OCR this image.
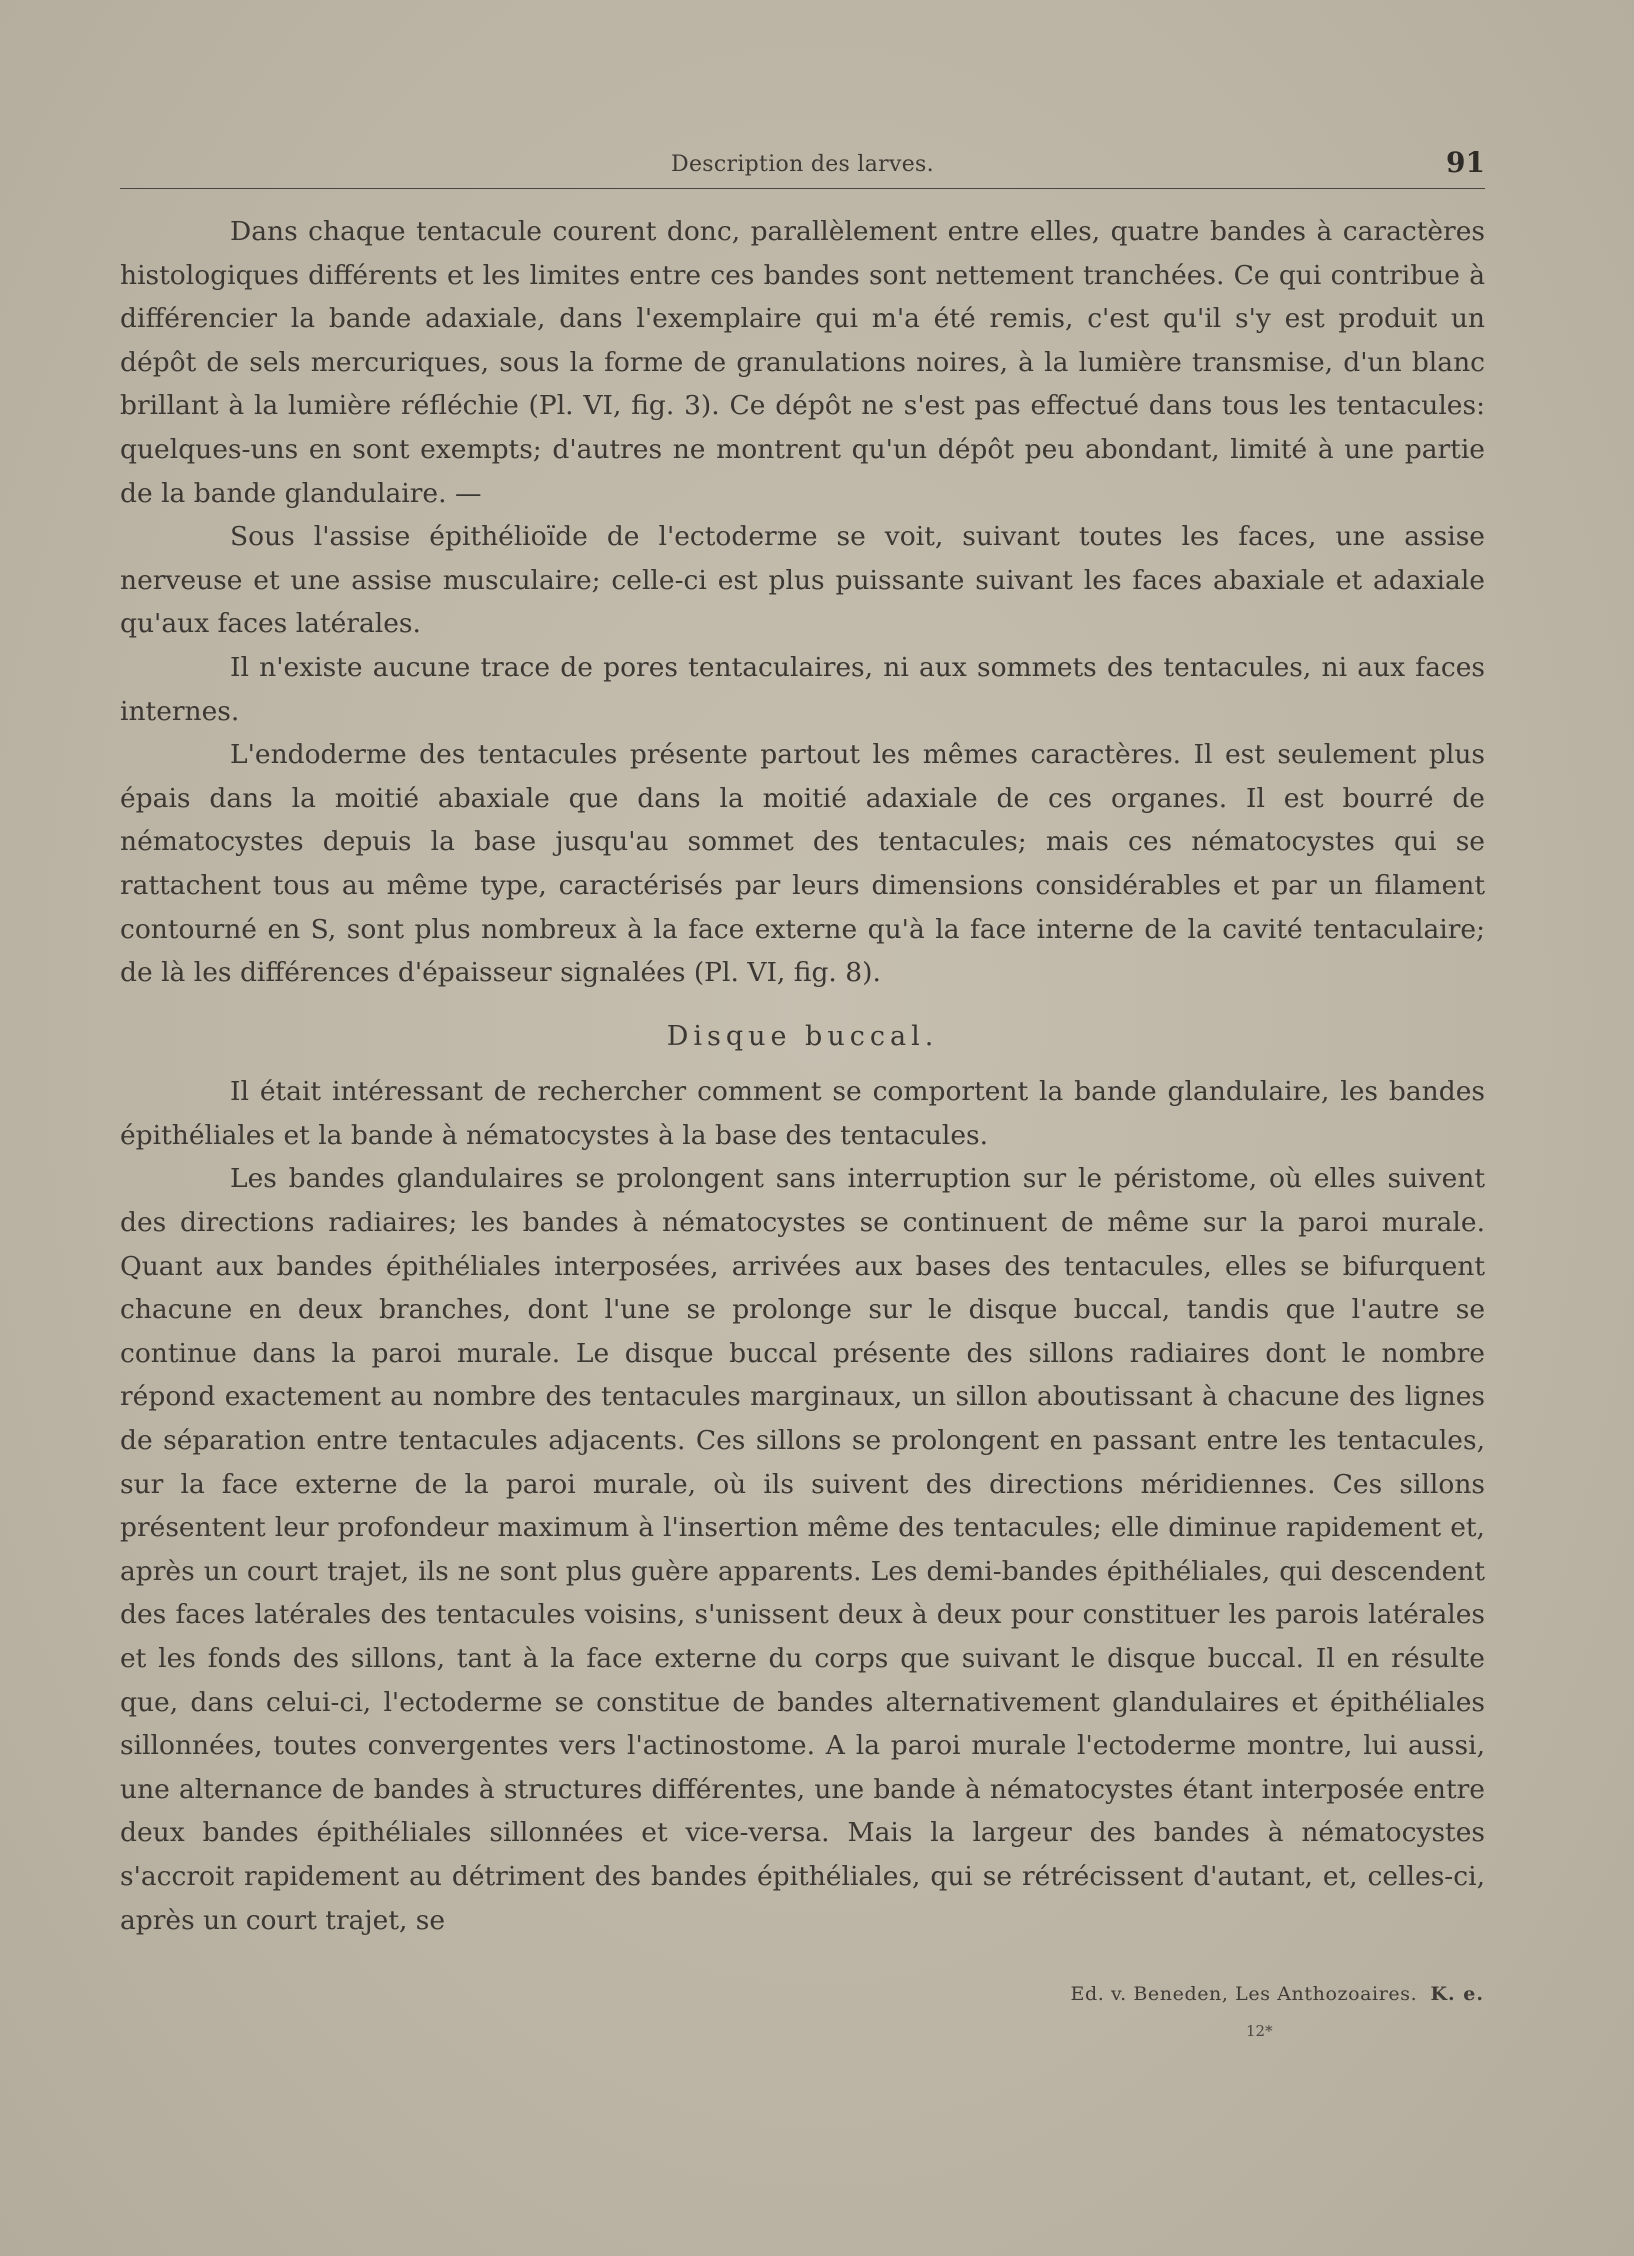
Description des larves.	91

Dans chaque tentacule courent donc, parallèlement entre elles, quatre bandes à caractères histologiques différents et les limites entre ces bandes sont nettement tranchées. Ce qui contribue à différencier la bande adaxiale, dans l'exemplaire qui m'a été remis, c'est qu'il s'y est produit un dépôt de sels mercuriques, sous la forme de granulations noires, à la lumière transmise, d'un blanc brillant à la lumière réfléchie (Pl. VI, fig. 3). Ce dépôt ne s'est pas effectué dans tous les tentacules: quelques-uns en sont exempts; d'autres ne montrent qu'un dépôt peu abondant, limité à une partie de la bande glandulaire. —

Sous l'assise épithélioïde de l'ectoderme se voit, suivant toutes les faces, une assise nerveuse et une assise musculaire; celle-ci est plus puissante suivant les faces abaxiale et adaxiale qu'aux faces latérales.

Il n'existe aucune trace de pores tentaculaires, ni aux sommets des tentacules, ni aux faces internes.

L'endoderme des tentacules présente partout les mêmes caractères. Il est seulement plus épais dans la moitié abaxiale que dans la moitié adaxiale de ces organes. Il est bourré de nématocystes depuis la base jusqu'au sommet des tentacules; mais ces nématocystes qui se rattachent tous au même type, caractérisés par leurs dimensions considérables et par un filament contourné en S, sont plus nombreux à la face externe qu'à la face interne de la cavité tentaculaire; de là les différences d'épaisseur signalées (Pl. VI, fig. 8).

Disque buccal.

Il était intéressant de rechercher comment se comportent la bande glandulaire, les bandes épithéliales et la bande à nématocystes à la base des tentacules.

Les bandes glandulaires se prolongent sans interruption sur le péristome, où elles suivent des directions radiaires; les bandes à nématocystes se continuent de même sur la paroi murale. Quant aux bandes épithéliales interposées, arrivées aux bases des tentacules, elles se bifurquent chacune en deux branches, dont l'une se prolonge sur le disque buccal, tandis que l'autre se continue dans la paroi murale. Le disque buccal présente des sillons radiaires dont le nombre répond exactement au nombre des tentacules marginaux, un sillon aboutissant à chacune des lignes de séparation entre tentacules adjacents. Ces sillons se prolongent en passant entre les tentacules, sur la face externe de la paroi murale, où ils suivent des directions méridiennes. Ces sillons présentent leur profondeur maximum à l'insertion même des tentacules; elle diminue rapidement et, après un court trajet, ils ne sont plus guère apparents. Les demi-bandes épithéliales, qui descendent des faces latérales des tentacules voisins, s'unissent deux à deux pour constituer les parois latérales et les fonds des sillons, tant à la face externe du corps que suivant le disque buccal. Il en résulte que, dans celui-ci, l'ectoderme se constitue de bandes alternativement glandulaires et épithéliales sillonnées, toutes convergentes vers l'actinostome. A la paroi murale l'ectoderme montre, lui aussi, une alternance de bandes à structures différentes, une bande à nématocystes étant interposée entre deux bandes épithéliales sillonnées et vice-versa. Mais la largeur des bandes à nématocystes s'accroit rapidement au détriment des bandes épithéliales, qui se rétrécissent d'autant, et, celles-ci, après un court trajet, se

Ed. v. Beneden, Les Anthozoaires. K. e.
12*
